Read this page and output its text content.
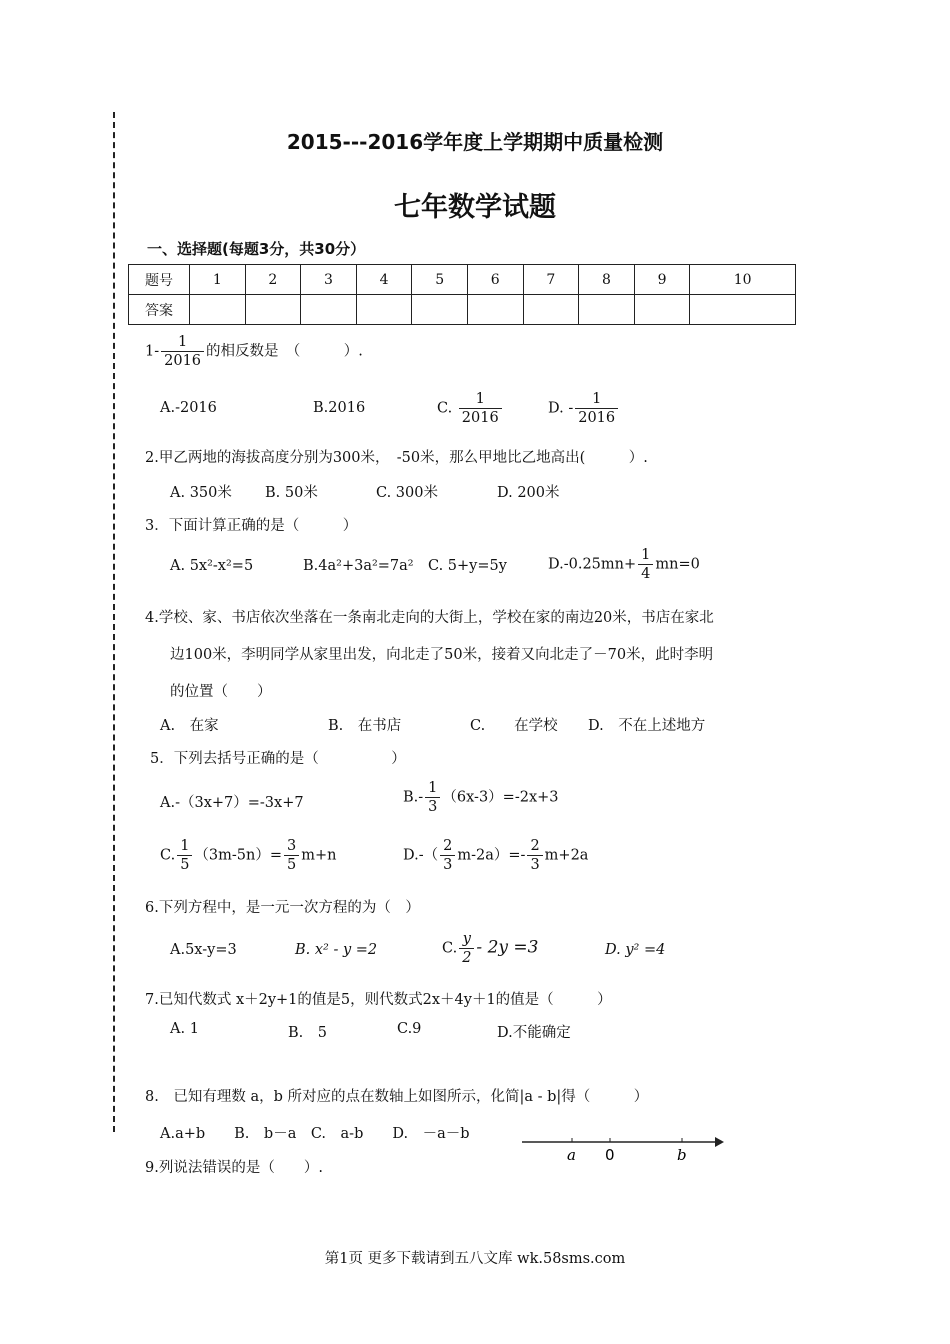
2015---2016学年度上学期期中质量检测
七年数学试题
一、选择题(每题3分，共30分）
题号	1	2	3	4	5	6	7	8	9	10
答案										
$1- \frac{1}{2016}$ 的相反数是　（　　　）.
A.-2016	B.2016	C. $\frac{1}{2016}$	D. - $\frac{1}{2016}$
2.甲乙两地的海拔高度分别为300米，　-50米，那么甲地比乙地高出(　　　）.
A. 350米 B. 50米	C. 300米	D. 200米
3．下面计算正确的是（　　　）
A. 5x²-x²=5	B.4a²+3a²=7a² C. 5+y=5y	$D.-0.25mn+ \frac{1}{4} mn=0$
4.学校、家、书店依次坐落在一条南北走向的大街上，学校在家的南边20米，书店在家北
边100米，李明同学从家里出发，向北走了50米，接着又向北走了－70米，此时李明
的位置（　　）
A.　在家	B.　在书店	C.　　在学校 D.　不在上述地方
5．下列去括号正确的是（　　　　　）
A.-（3x+7）=-3x+7	$B.- \frac{1}{3} (6x-3)=-2x+3$
C. $\frac{1}{5} (3m-5n)= \frac{3}{5} m+n$	$D.-( \frac{2}{3} m-2a)=- \frac{2}{3} m+2a$
6.下列方程中，是一元一次方程的为（　）
A.5x-y=3	B. x² - y =2	C. $\frac{y}{2} - 2y =3$	D. y² =4
7.已知代数式 x＋2y+1的值是5，则代数式2x＋4y＋1的值是（　　　）
A. 1	B.　5	C.9	D.不能确定
8.　已知有理数 a，b 所对应的点在数轴上如图所示，化简|a - b|得（　　　）
A.a+b　　B.　b－a　C.　a-b　　D.　－a－b
a 0	b
9.列说法错误的是（　　）.
第1页 更多下载请到五八文库 wk.58sms.com
